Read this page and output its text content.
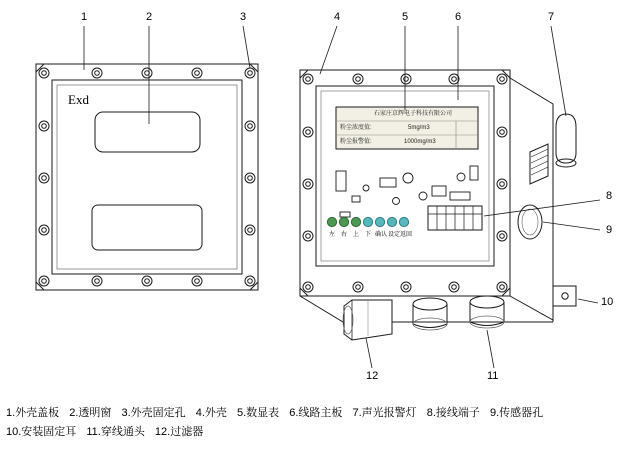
Exd
石家庄京辉电子科技有限公司
粉尘浓度值:	5mg/m3
粉尘报警值:	1000mg/m3
左 右 上 下 确认 设定 返回
1	2	3	4	5	6	7
8
9
10
11
12
1.外壳盖板 2.透明窗 3.外壳固定孔 4.外壳 5.数显表 6.线路主板 7.声光报警灯 8.接线端子 9.传感器孔
10.安装固定耳 11.穿线通头 12.过滤器
